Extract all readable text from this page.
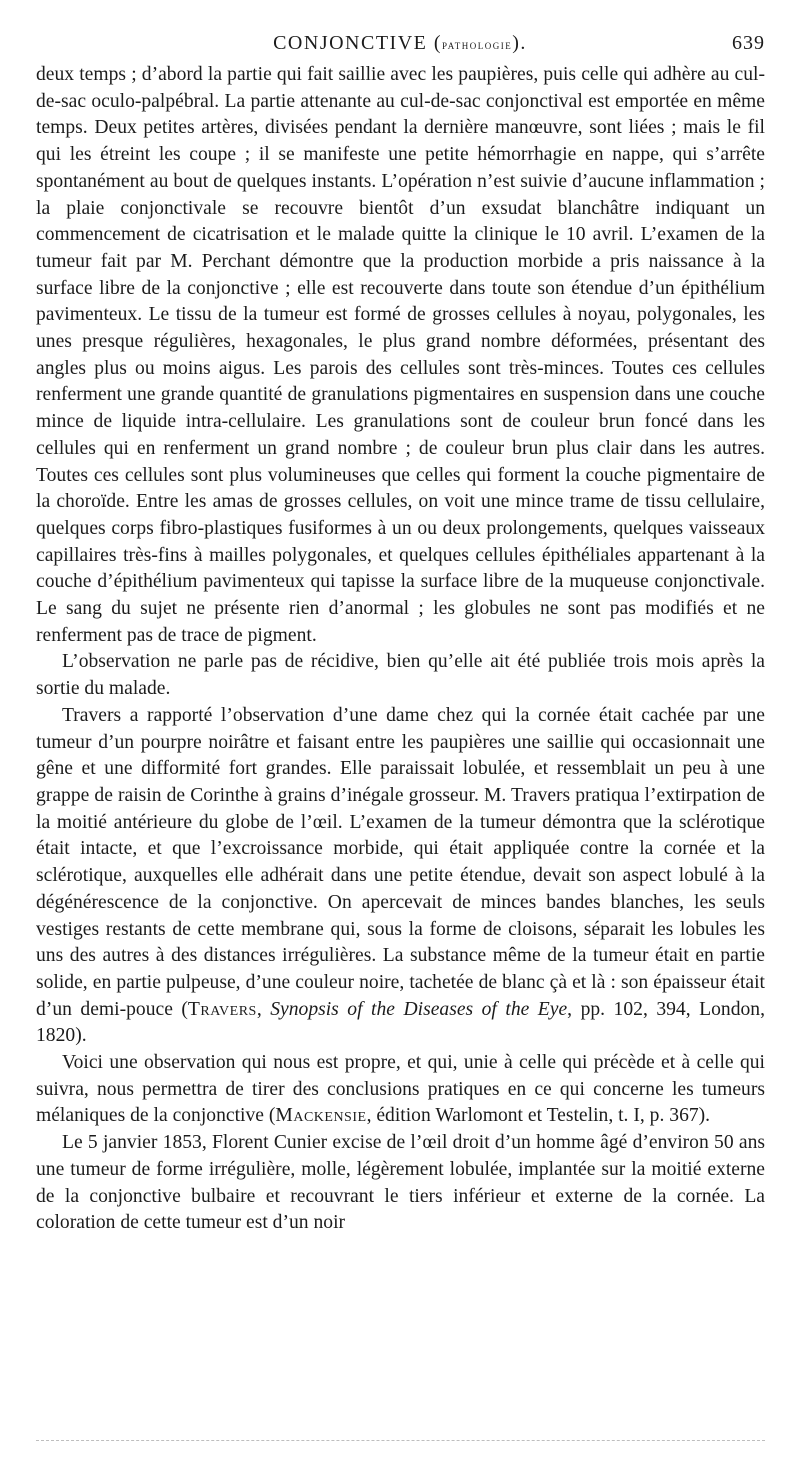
CONJONCTIVE (pathologie).	639

deux temps ; d’abord la partie qui fait saillie avec les paupières, puis celle qui adhère au cul-de-sac oculo-palpébral. La partie attenante au cul-de-sac conjonctival est emportée en même temps. Deux petites artères, divisées pendant la dernière manœuvre, sont liées ; mais le fil qui les étreint les coupe ; il se manifeste une petite hémorrhagie en nappe, qui s’arrête spontanément au bout de quelques instants. L’opération n’est suivie d’aucune inflammation ; la plaie conjonctivale se recouvre bientôt d’un exsudat blanchâtre indiquant un commencement de cicatrisation et le malade quitte la clinique le 10 avril. L’examen de la tumeur fait par M. Perchant démontre que la production morbide a pris naissance à la surface libre de la conjonctive ; elle est recouverte dans toute son étendue d’un épithélium pavimenteux. Le tissu de la tumeur est formé de grosses cellules à noyau, polygonales, les unes presque régulières, hexagonales, le plus grand nombre déformées, présentant des angles plus ou moins aigus. Les parois des cellules sont très-minces. Toutes ces cellules renferment une grande quantité de granulations pigmentaires en suspension dans une couche mince de liquide intra-cellulaire. Les granulations sont de couleur brun foncé dans les cellules qui en renferment un grand nombre ; de couleur brun plus clair dans les autres. Toutes ces cellules sont plus volumineuses que celles qui forment la couche pigmentaire de la choroïde. Entre les amas de grosses cellules, on voit une mince trame de tissu cellulaire, quelques corps fibro-plastiques fusiformes à un ou deux prolongements, quelques vaisseaux capillaires très-fins à mailles polygonales, et quelques cellules épithéliales appartenant à la couche d’épithélium pavimenteux qui tapisse la surface libre de la muqueuse conjonctivale. Le sang du sujet ne présente rien d’anormal ; les globules ne sont pas modifiés et ne renferment pas de trace de pigment.

L’observation ne parle pas de récidive, bien qu’elle ait été publiée trois mois après la sortie du malade.

Travers a rapporté l’observation d’une dame chez qui la cornée était cachée par une tumeur d’un pourpre noirâtre et faisant entre les paupières une saillie qui occasionnait une gêne et une difformité fort grandes. Elle paraissait lobulée, et ressemblait un peu à une grappe de raisin de Corinthe à grains d’inégale grosseur. M. Travers pratiqua l’extirpation de la moitié antérieure du globe de l’œil. L’examen de la tumeur démontra que la sclérotique était intacte, et que l’excroissance morbide, qui était appliquée contre la cornée et la sclérotique, auxquelles elle adhérait dans une petite étendue, devait son aspect lobulé à la dégénérescence de la conjonctive. On apercevait de minces bandes blanches, les seuls vestiges restants de cette membrane qui, sous la forme de cloisons, séparait les lobules les uns des autres à des distances irrégulières. La substance même de la tumeur était en partie solide, en partie pulpeuse, d’une couleur noire, tachetée de blanc çà et là : son épaisseur était d’un demi-pouce (Travers, Synopsis of the Diseases of the Eye, pp. 102, 394, London, 1820).

Voici une observation qui nous est propre, et qui, unie à celle qui précède et à celle qui suivra, nous permettra de tirer des conclusions pratiques en ce qui concerne les tumeurs mélaniques de la conjonctive (Mackensie, édition Warlomont et Testelin, t. I, p. 367).

Le 5 janvier 1853, Florent Cunier excise de l’œil droit d’un homme âgé d’environ 50 ans une tumeur de forme irrégulière, molle, légèrement lobulée, implantée sur la moitié externe de la conjonctive bulbaire et recouvrant le tiers inférieur et externe de la cornée. La coloration de cette tumeur est d’un noir
